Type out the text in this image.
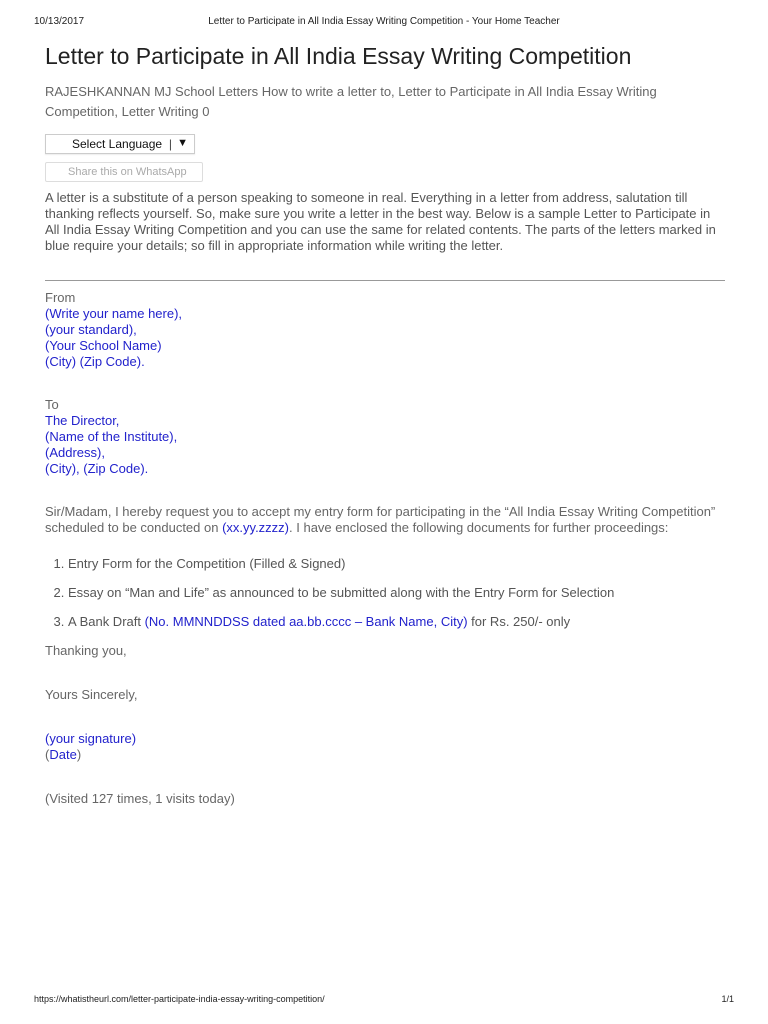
10/13/2017	Letter to Participate in All India Essay Writing Competition - Your Home Teacher
Letter to Participate in All India Essay Writing Competition
RAJESHKANNAN MJ School Letters How to write a letter to, Letter to Participate in All India Essay Writing Competition, Letter Writing 0
Select Language | ▼
Share this on WhatsApp
A letter is a substitute of a person speaking to someone in real. Everything in a letter from address, salutation till thanking reflects yourself. So, make sure you write a letter in the best way. Below is a sample Letter to Participate in All India Essay Writing Competition and you can use the same for related contents. The parts of the letters marked in blue require your details; so fill in appropriate information while writing the letter.
From
(Write your name here),
(your standard),
(Your School Name)
(City) (Zip Code).
To
The Director,
(Name of the Institute),
(Address),
(City), (Zip Code).
Sir/Madam, I hereby request you to accept my entry form for participating in the “All India Essay Writing Competition” scheduled to be conducted on (xx.yy.zzzz). I have enclosed the following documents for further proceedings:
1. Entry Form for the Competition (Filled & Signed)
2. Essay on “Man and Life” as announced to be submitted along with the Entry Form for Selection
3. A Bank Draft (No. MMNNDDSS dated aa.bb.cccc – Bank Name, City) for Rs. 250/- only
Thanking you,
Yours Sincerely,
(your signature)
(Date)
(Visited 127 times, 1 visits today)
https://whatistheurl.com/letter-participate-india-essay-writing-competition/	1/1
